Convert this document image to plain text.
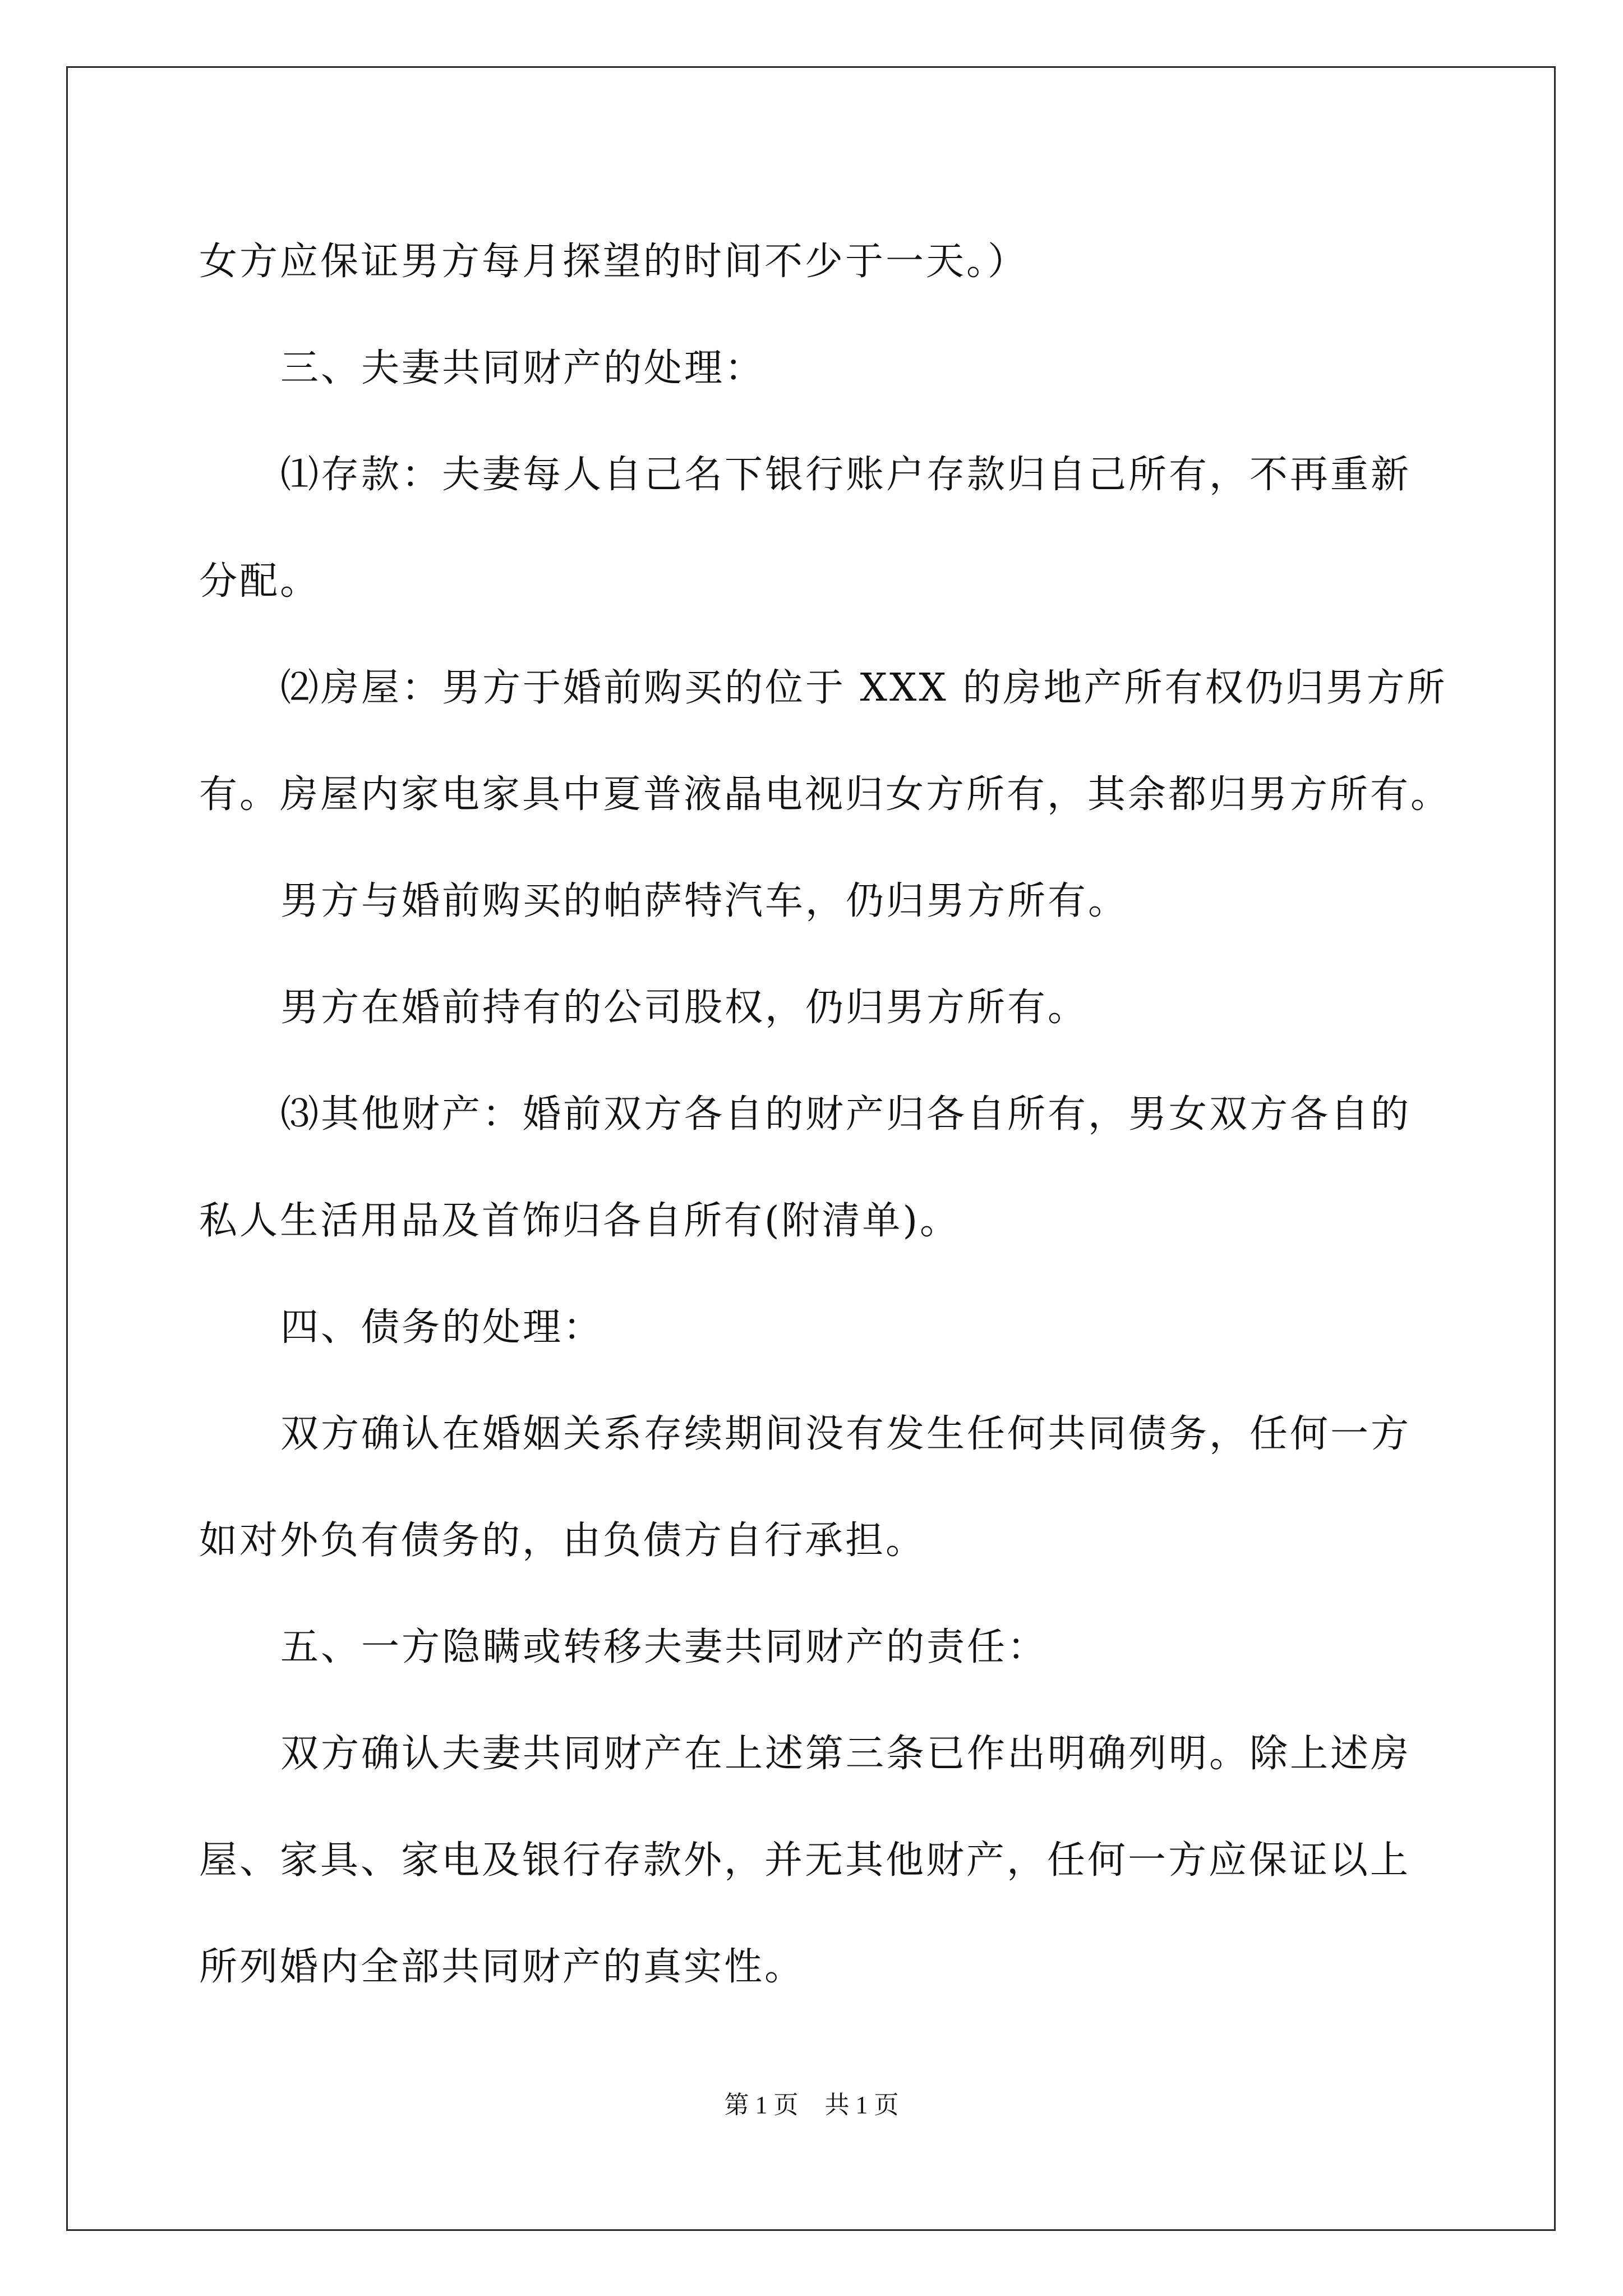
女方应保证男方每月探望的时间不少于一天。）
三、夫妻共同财产的处理：
⑴存款：夫妻每人自己名下银行账户存款归自己所有，不再重新
分配。
⑵房屋：男方于婚前购买的位于 XXX 的房地产所有权仍归男方所
有。房屋内家电家具中夏普液晶电视归女方所有，其余都归男方所有。
男方与婚前购买的帕萨特汽车，仍归男方所有。
男方在婚前持有的公司股权，仍归男方所有。
⑶其他财产：婚前双方各自的财产归各自所有，男女双方各自的
私人生活用品及首饰归各自所有(附清单)。
四、债务的处理：
双方确认在婚姻关系存续期间没有发生任何共同债务，任何一方
如对外负有债务的，由负债方自行承担。
五、一方隐瞒或转移夫妻共同财产的责任：
双方确认夫妻共同财产在上述第三条已作出明确列明。除上述房
屋、家具、家电及银行存款外，并无其他财产，任何一方应保证以上
所列婚内全部共同财产的真实性。
第 1 页 共 1 页
